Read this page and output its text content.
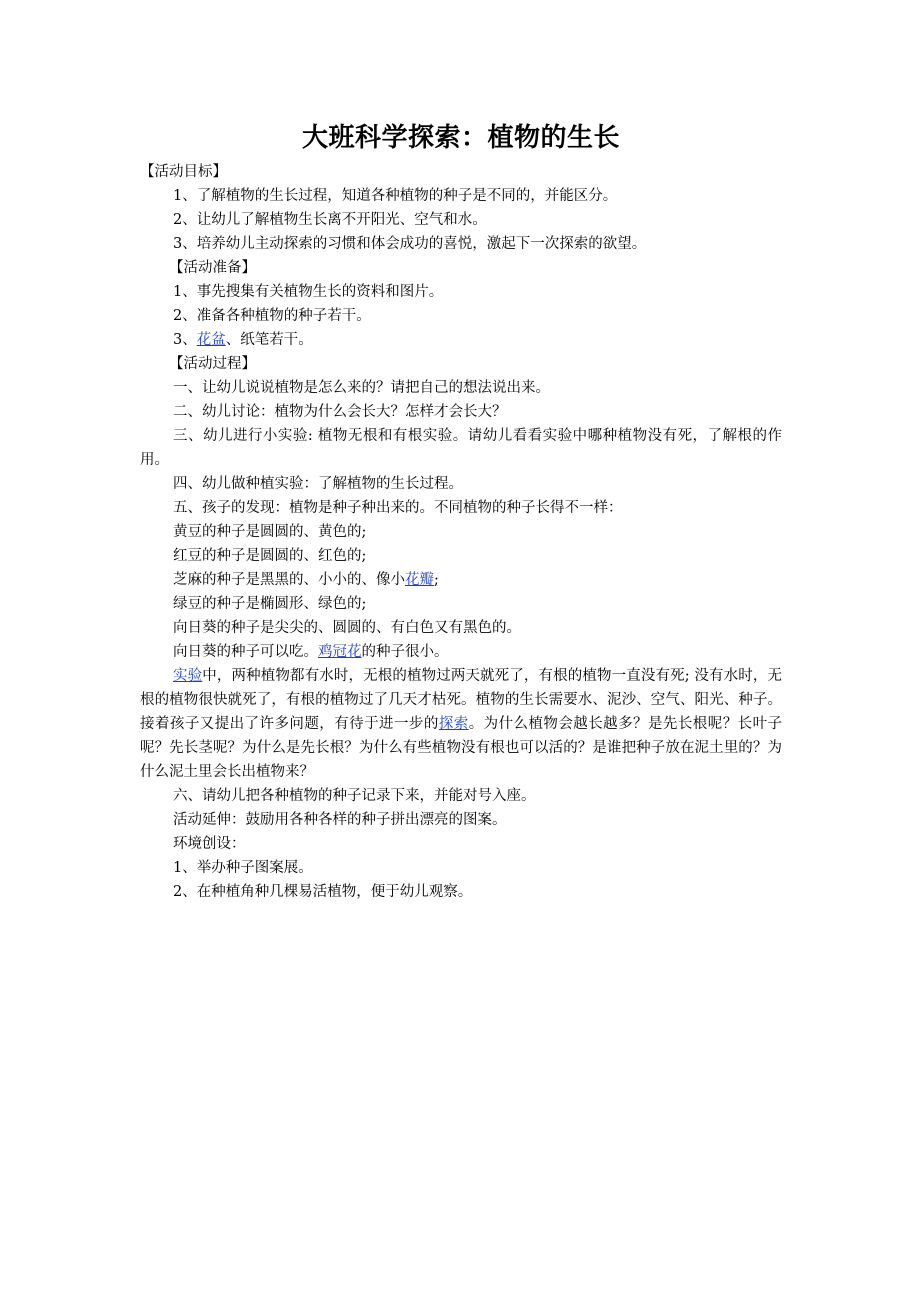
大班科学探索：植物的生长

【活动目标】

1、了解植物的生长过程，知道各种植物的种子是不同的，并能区分。

2、让幼儿了解植物生长离不开阳光、空气和水。

3、培养幼儿主动探索的习惯和体会成功的喜悦，激起下一次探索的欲望。

【活动准备】

1、事先搜集有关植物生长的资料和图片。

2、准备各种植物的种子若干。

3、花盆、纸笔若干。

【活动过程】

一、让幼儿说说植物是怎么来的？请把自己的想法说出来。

二、幼儿讨论：植物为什么会长大？怎样才会长大？

三、幼儿进行小实验: 植物无根和有根实验。请幼儿看看实验中哪种植物没有死，了解根的作用。

四、幼儿做种植实验：了解植物的生长过程。

五、孩子的发现：植物是种子种出来的。不同植物的种子长得不一样：

黄豆的种子是圆圆的、黄色的;

红豆的种子是圆圆的、红色的;

芝麻的种子是黑黑的、小小的、像小花瓣;

绿豆的种子是椭圆形、绿色的;

向日葵的种子是尖尖的、圆圆的、有白色又有黑色的。

向日葵的种子可以吃。鸡冠花的种子很小。

实验中，两种植物都有水时，无根的植物过两天就死了，有根的植物一直没有死; 没有水时，无根的植物很快就死了，有根的植物过了几天才枯死。植物的生长需要水、泥沙、空气、阳光、种子。接着孩子又提出了许多问题，有待于进一步的探索。为什么植物会越长越多？是先长根呢？长叶子呢？先长茎呢？为什么是先长根？为什么有些植物没有根也可以活的？是谁把种子放在泥土里的？为什么泥土里会长出植物来？

六、请幼儿把各种植物的种子记录下来，并能对号入座。

活动延伸：鼓励用各种各样的种子拼出漂亮的图案。

环境创设：

1、举办种子图案展。

2、在种植角种几棵易活植物，便于幼儿观察。
